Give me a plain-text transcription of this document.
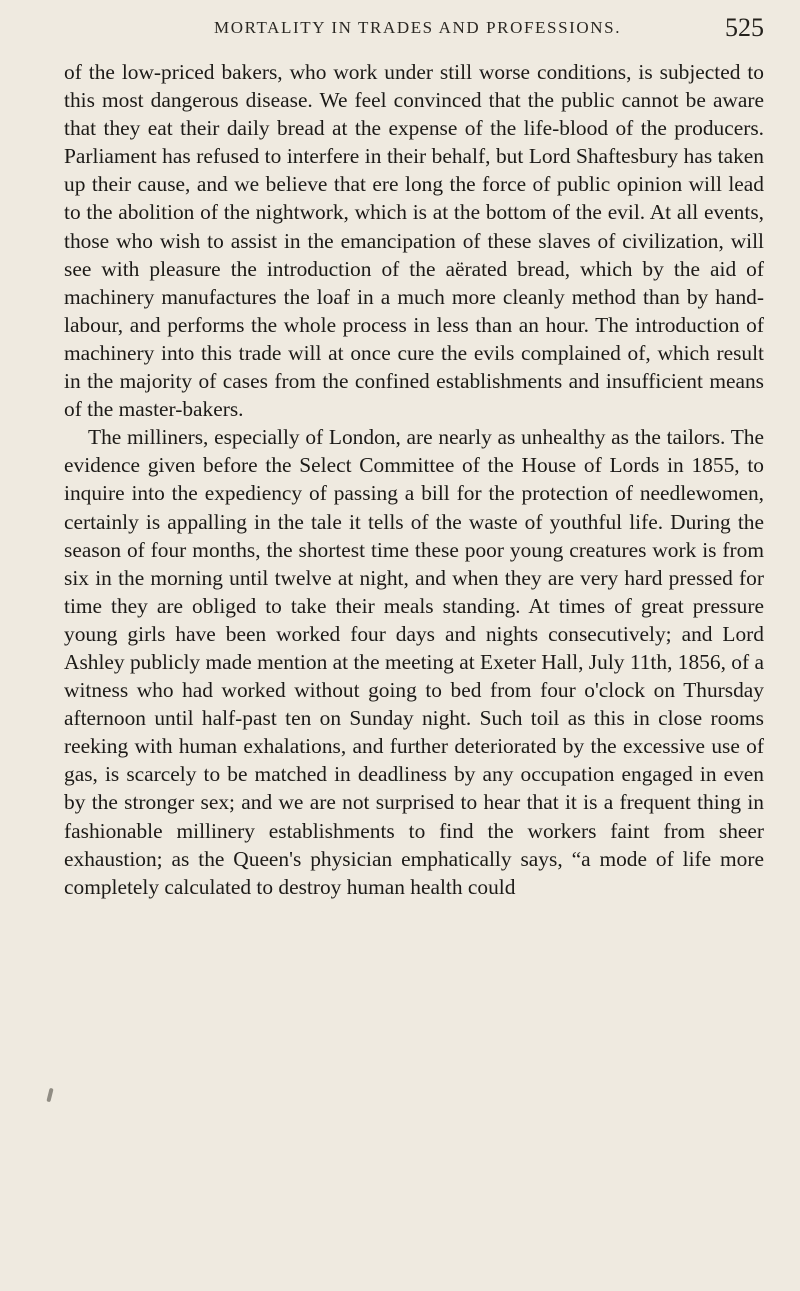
MORTALITY IN TRADES AND PROFESSIONS.	525

of the low-priced bakers, who work under still worse conditions, is subjected to this most dangerous disease. We feel convinced that the public cannot be aware that they eat their daily bread at the expense of the life-blood of the producers. Parliament has refused to interfere in their behalf, but Lord Shaftesbury has taken up their cause, and we believe that ere long the force of public opinion will lead to the abolition of the nightwork, which is at the bottom of the evil. At all events, those who wish to assist in the emancipation of these slaves of civilization, will see with pleasure the introduction of the aërated bread, which by the aid of machinery manufactures the loaf in a much more cleanly method than by hand-labour, and performs the whole process in less than an hour. The introduction of machinery into this trade will at once cure the evils complained of, which result in the majority of cases from the confined establishments and insufficient means of the master-bakers.

The milliners, especially of London, are nearly as unhealthy as the tailors. The evidence given before the Select Committee of the House of Lords in 1855, to inquire into the expediency of passing a bill for the protection of needlewomen, certainly is appalling in the tale it tells of the waste of youthful life. During the season of four months, the shortest time these poor young creatures work is from six in the morning until twelve at night, and when they are very hard pressed for time they are obliged to take their meals standing. At times of great pressure young girls have been worked four days and nights consecutively; and Lord Ashley publicly made mention at the meeting at Exeter Hall, July 11th, 1856, of a witness who had worked without going to bed from four o'clock on Thursday afternoon until half-past ten on Sunday night. Such toil as this in close rooms reeking with human exhalations, and further deteriorated by the excessive use of gas, is scarcely to be matched in deadliness by any occupation engaged in even by the stronger sex; and we are not surprised to hear that it is a frequent thing in fashionable millinery establishments to find the workers faint from sheer exhaustion; as the Queen's physician emphatically says, “a mode of life more completely calculated to destroy human health could
